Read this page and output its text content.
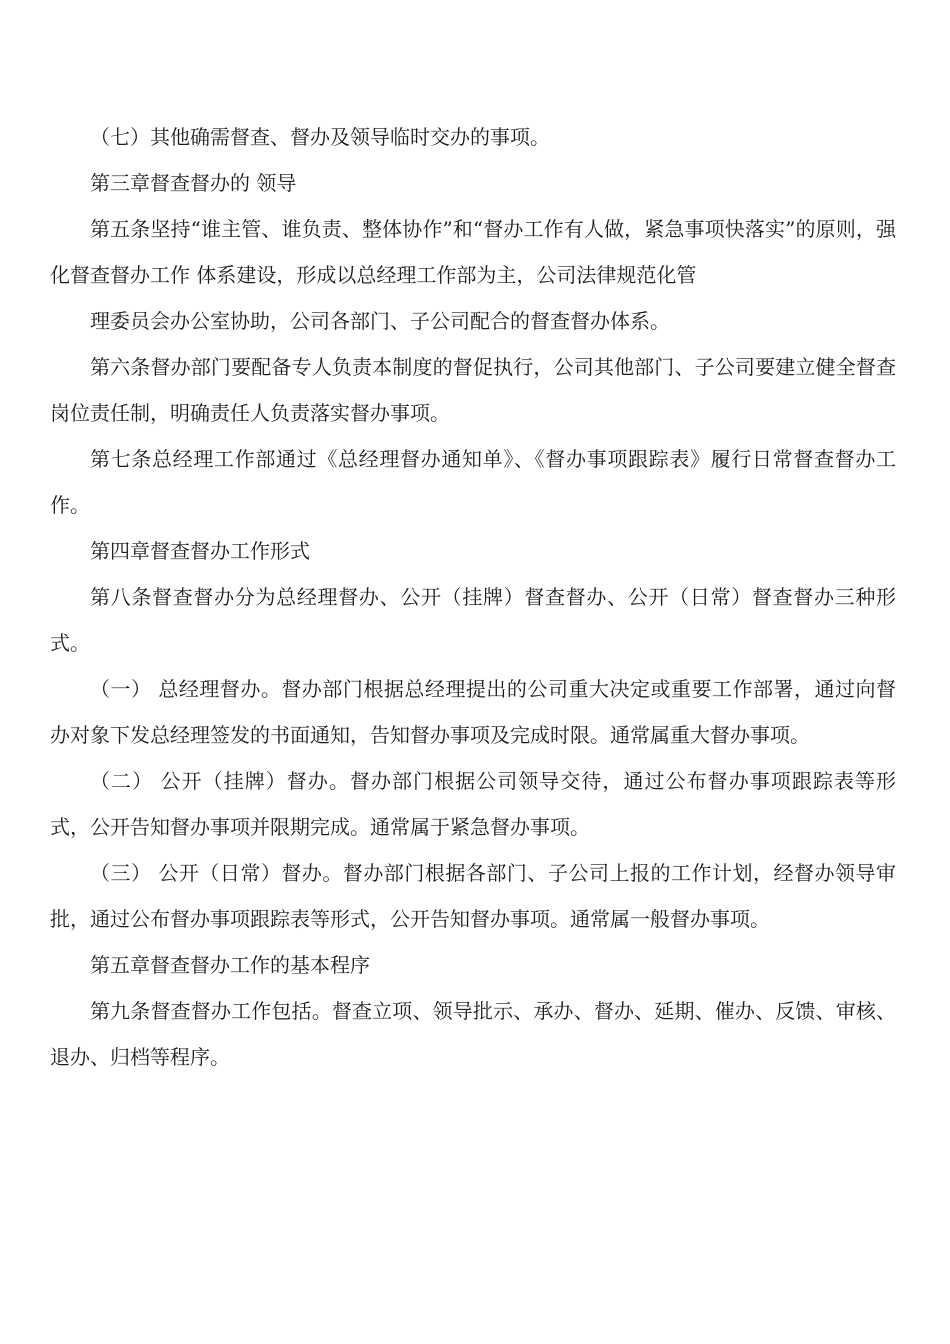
（七）其他确需督查、督办及领导临时交办的事项。

第三章督查督办的 领导

第五条坚持“谁主管、谁负责、整体协作”和“督办工作有人做，紧急事项快落实”的原则，强化督查督办工作 体系建设，形成以总经理工作部为主，公司法律规范化管

理委员会办公室协助，公司各部门、子公司配合的督查督办体系。

第六条督办部门要配备专人负责本制度的督促执行，公司其他部门、子公司要建立健全督查岗位责任制，明确责任人负责落实督办事项。

第七条总经理工作部通过《总经理督办通知单》、《督办事项跟踪表》履行日常督查督办工作。

第四章督查督办工作形式

第八条督查督办分为总经理督办、公开（挂牌）督查督办、公开（日常）督查督办三种形式。

（一） 总经理督办。督办部门根据总经理提出的公司重大决定或重要工作部署，通过向督办对象下发总经理签发的书面通知，告知督办事项及完成时限。通常属重大督办事项。

（二） 公开（挂牌）督办。督办部门根据公司领导交待，通过公布督办事项跟踪表等形式，公开告知督办事项并限期完成。通常属于紧急督办事项。

（三） 公开（日常）督办。督办部门根据各部门、子公司上报的工作计划，经督办领导审批，通过公布督办事项跟踪表等形式，公开告知督办事项。通常属一般督办事项。

第五章督查督办工作的基本程序

第九条督查督办工作包括。督查立项、领导批示、承办、督办、延期、催办、反馈、审核、退办、归档等程序。
